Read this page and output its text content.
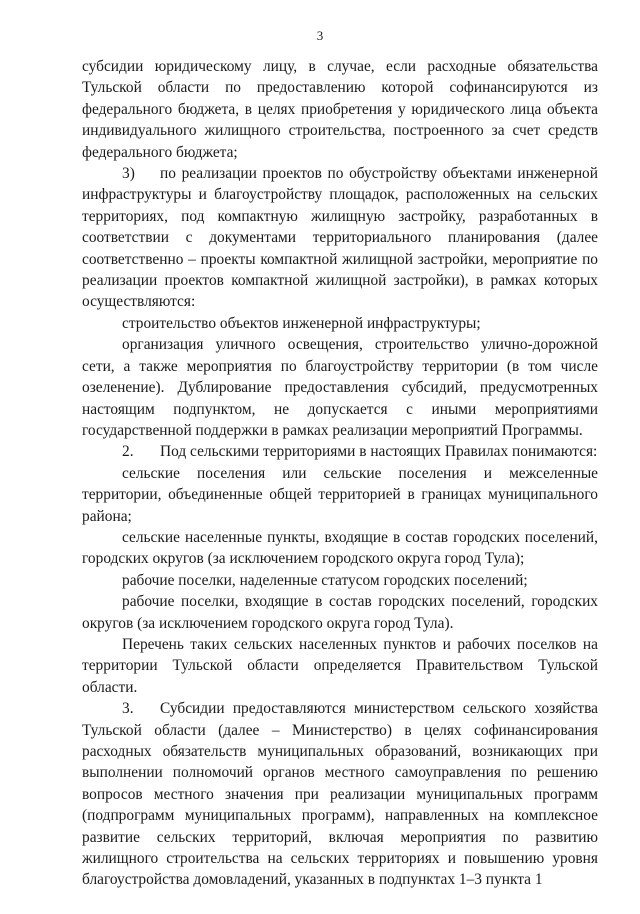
3

субсидии юридическому лицу, в случае, если расходные обязательства Тульской области по предоставлению которой софинансируются из федерального бюджета, в целях приобретения у юридического лица объекта индивидуального жилищного строительства, построенного за счет средств федерального бюджета;

3) по реализации проектов по обустройству объектами инженерной инфраструктуры и благоустройству площадок, расположенных на сельских территориях, под компактную жилищную застройку, разработанных в соответствии с документами территориального планирования (далее соответственно – проекты компактной жилищной застройки, мероприятие по реализации проектов компактной жилищной застройки), в рамках которых осуществляются:

строительство объектов инженерной инфраструктуры;

организация уличного освещения, строительство улично-дорожной сети, а также мероприятия по благоустройству территории (в том числе озеленение). Дублирование предоставления субсидий, предусмотренных настоящим подпунктом, не допускается с иными мероприятиями государственной поддержки в рамках реализации мероприятий Программы.

2. Под сельскими территориями в настоящих Правилах понимаются:

сельские поселения или сельские поселения и межселенные территории, объединенные общей территорией в границах муниципального района;

сельские населенные пункты, входящие в состав городских поселений, городских округов (за исключением городского округа город Тула);

рабочие поселки, наделенные статусом городских поселений;

рабочие поселки, входящие в состав городских поселений, городских округов (за исключением городского округа город Тула).

Перечень таких сельских населенных пунктов и рабочих поселков на территории Тульской области определяется Правительством Тульской области.

3. Субсидии предоставляются министерством сельского хозяйства Тульской области (далее – Министерство) в целях софинансирования расходных обязательств муниципальных образований, возникающих при выполнении полномочий органов местного самоуправления по решению вопросов местного значения при реализации муниципальных программ (подпрограмм муниципальных программ), направленных на комплексное развитие сельских территорий, включая мероприятия по развитию жилищного строительства на сельских территориях и повышению уровня благоустройства домовладений, указанных в подпунктах 1–3 пункта 1
